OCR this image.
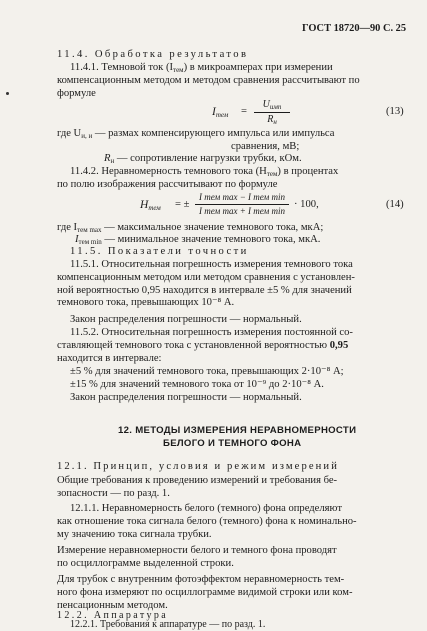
ГОСТ 18720—90 С. 25
11.4. Обработка результатов
11.4.1. Темновой ток $(I_{тем})$ в микроамперах при измерении
компенсационным методом и методом сравнения рассчитывают по
формуле
$I_{тем}$ =
$U_{имп}$
$R_н$
(13)
где $U_{и, и}$ — размах компенсирующего импульса или импульса
сравнения, мВ;
$R_н$ — сопротивление нагрузки трубки, кОм.
11.4.2. Неравномерность темнового тока $(H_{тем})$ в процентах
по полю изображения рассчитывают по формуле
$H_{тем}$ = ±
I тем max − I тем min
I тем max + I тем min
· 100,	(14)
где $I_{тем max}$ — максимальное значение темнового тока, мкА;
$I_{тем min}$ — минимальное значение темнового тока, мкА.
11.5. Показатели точности
11.5.1. Относительная погрешность измерения темнового тока
компенсационным методом или методом сравнения с установлен-
ной вероятностью 0,95 находится в интервале ±5 % для значений
темнового тока, превышающих 10⁻⁸ А.
Закон распределения погрешности — нормальный.
11.5.2. Относительная погрешность измерения постоянной со-
ставляющей темнового тока с установленной вероятностью 0,95
находится в интервале:
±5 % для значений темнового тока, превышающих 2·10⁻⁸ А;
±15 % для значений темнового тока от 10⁻⁹ до 2·10⁻⁸ А.
Закон распределения погрешности — нормальный.
12. МЕТОДЫ ИЗМЕРЕНИЯ НЕРАВНОМЕРНОСТИ
БЕЛОГО И ТЕМНОГО ФОНА
12.1. Принцип, условия и режим измерений
Общие требования к проведению измерений и требования бе-
зопасности — по разд. 1.
12.1.1. Неравномерность белого (темного) фона определяют
как отношение тока сигнала белого (темного) фона к номинально-
му значению тока сигнала трубки.
Измерение неравномерности белого и темного фона проводят
по осциллограмме выделенной строки.
Для трубок с внутренним фотоэффектом неравномерность тем-
ного фона измеряют по осциллограмме видимой строки или ком-
пенсационным методом.
12.2. Аппаратура
12.2.1. Требования к аппаратуре — по разд. 1.
